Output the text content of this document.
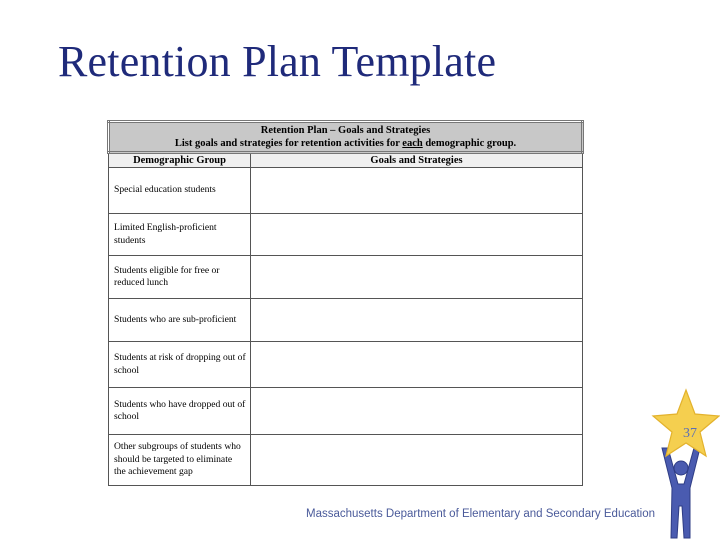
Retention Plan Template
Retention Plan – Goals and Strategies
List goals and strategies for retention activities for each demographic group.	

Demographic Group	Goals and Strategies
Special education students	
Limited English-proficient students	
Students eligible for free or reduced lunch	
Students who are sub-proficient	
Students at risk of dropping out of school	
Students who have dropped out of school	
Other subgroups of students who should be targeted to eliminate the achievement gap	
37
Massachusetts Department of Elementary and Secondary Education
